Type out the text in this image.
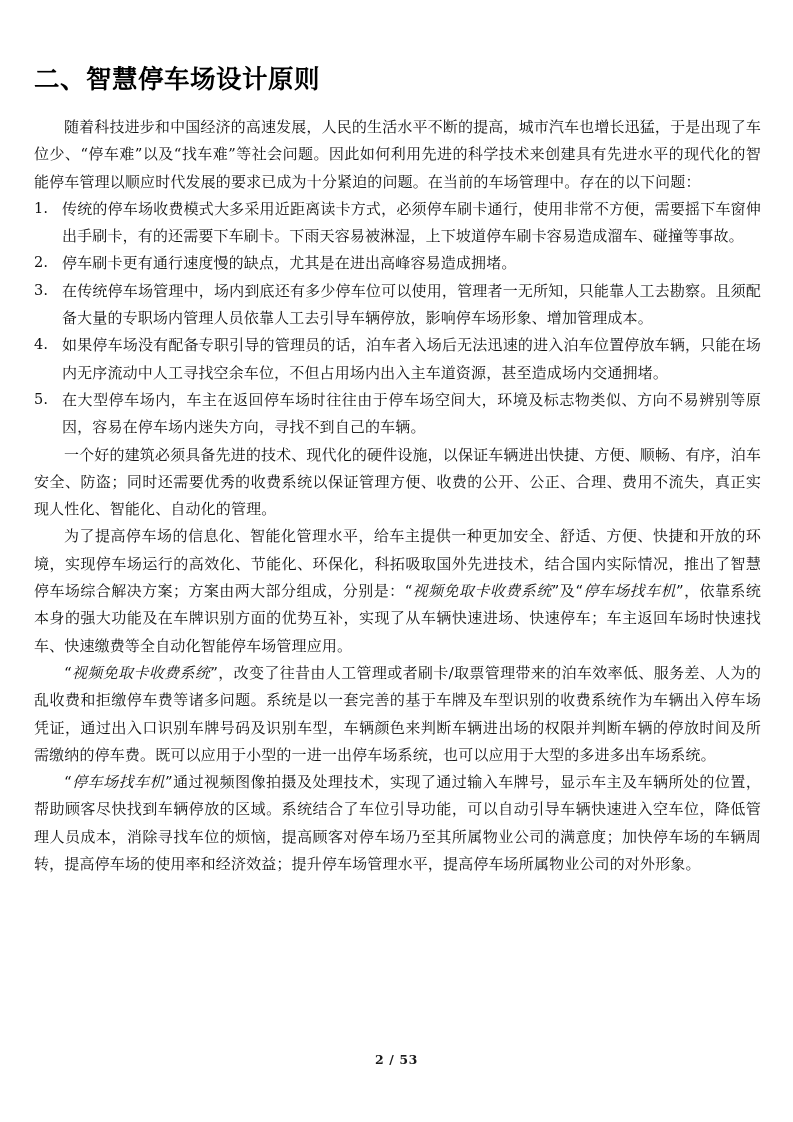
二、智慧停车场设计原则

随着科技进步和中国经济的高速发展，人民的生活水平不断的提高，城市汽车也增长迅猛，于是出现了车位少、“停车难”以及“找车难”等社会问题。因此如何利用先进的科学技术来创建具有先进水平的现代化的智能停车管理以顺应时代发展的要求已成为十分紧迫的问题。在当前的车场管理中。存在的以下问题：

1. 传统的停车场收费模式大多采用近距离读卡方式，必须停车刷卡通行，使用非常不方便，需要摇下车窗伸出手刷卡，有的还需要下车刷卡。下雨天容易被淋湿，上下坡道停车刷卡容易造成溜车、碰撞等事故。
2. 停车刷卡更有通行速度慢的缺点，尤其是在进出高峰容易造成拥堵。
3. 在传统停车场管理中，场内到底还有多少停车位可以使用，管理者一无所知，只能靠人工去勘察。且须配备大量的专职场内管理人员依靠人工去引导车辆停放，影响停车场形象、增加管理成本。
4. 如果停车场没有配备专职引导的管理员的话，泊车者入场后无法迅速的进入泊车位置停放车辆，只能在场内无序流动中人工寻找空余车位，不但占用场内出入主车道资源，甚至造成场内交通拥堵。
5. 在大型停车场内，车主在返回停车场时往往由于停车场空间大，环境及标志物类似、方向不易辨别等原因，容易在停车场内迷失方向，寻找不到自己的车辆。

一个好的建筑必须具备先进的技术、现代化的硬件设施，以保证车辆进出快捷、方便、顺畅、有序，泊车安全、防盗；同时还需要优秀的收费系统以保证管理方便、收费的公开、公正、合理、费用不流失，真正实现人性化、智能化、自动化的管理。

为了提高停车场的信息化、智能化管理水平，给车主提供一种更加安全、舒适、方便、快捷和开放的环境，实现停车场运行的高效化、节能化、环保化，科拓吸取国外先进技术，结合国内实际情况，推出了智慧停车场综合解决方案；方案由两大部分组成，分别是：“视频免取卡收费系统”及“停车场找车机”，依靠系统本身的强大功能及在车牌识别方面的优势互补，实现了从车辆快速进场、快速停车；车主返回车场时快速找车、快速缴费等全自动化智能停车场管理应用。

“视频免取卡收费系统”，改变了往昔由人工管理或者刷卡/取票管理带来的泊车效率低、服务差、人为的乱收费和拒缴停车费等诸多问题。系统是以一套完善的基于车牌及车型识别的收费系统作为车辆出入停车场凭证，通过出入口识别车牌号码及识别车型，车辆颜色来判断车辆进出场的权限并判断车辆的停放时间及所需缴纳的停车费。既可以应用于小型的一进一出停车场系统，也可以应用于大型的多进多出车场系统。

“停车场找车机”通过视频图像拍摄及处理技术，实现了通过输入车牌号，显示车主及车辆所处的位置，帮助顾客尽快找到车辆停放的区域。系统结合了车位引导功能，可以自动引导车辆快速进入空车位，降低管理人员成本，消除寻找车位的烦恼，提高顾客对停车场乃至其所属物业公司的满意度；加快停车场的车辆周转，提高停车场的使用率和经济效益；提升停车场管理水平，提高停车场所属物业公司的对外形象。

2 / 53
